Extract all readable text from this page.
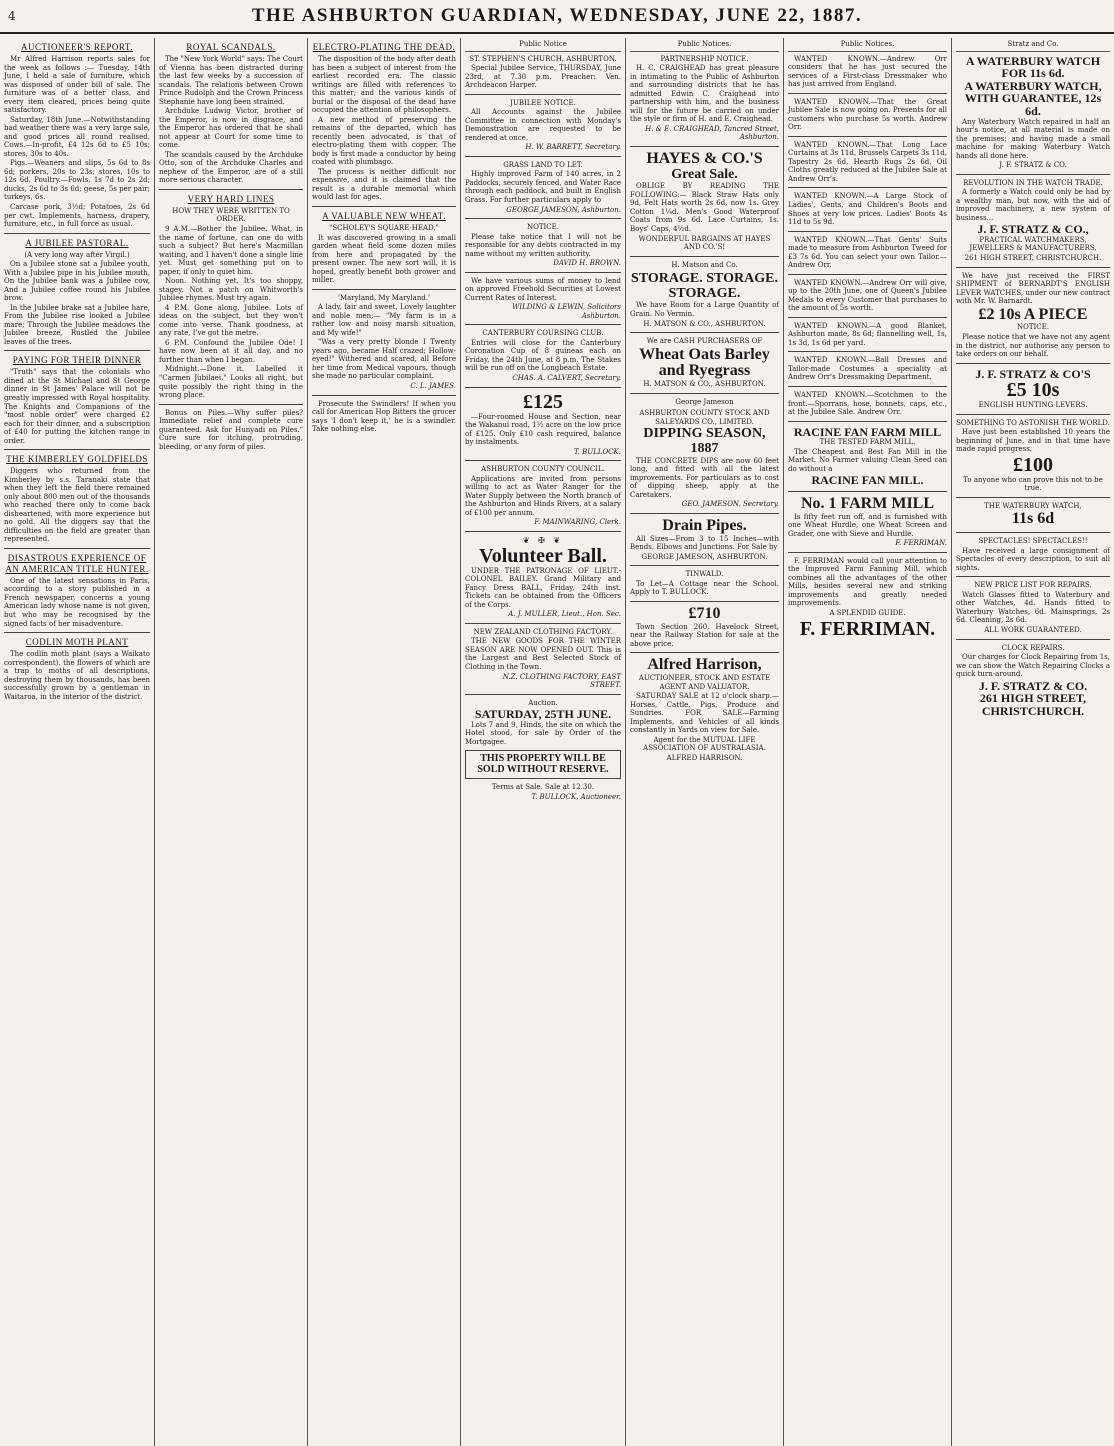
4	THE ASHBURTON GUARDIAN, WEDNESDAY, JUNE 22, 1887.
AUCTIONEER'S REPORT.

Mr Alfred Harrison reports sales for the week as follows :— Tuesday, 14th June, I held a sale of furniture, which was disposed of under bill of sale. The furniture was of a better class, and every item cleared, prices being quite satisfactory.

Saturday, 18th June.—Notwithstanding bad weather there was a very large sale, and good prices all round realised. Cows.—In-profit, £4 12s 6d to £5 10s; stores, 30s to 40s.

Pigs.—Weaners and slips, 5s 6d to 8s 6d; porkers, 20s to 23s; stores, 10s to 12s 6d. Poultry.—Fowls, 1s 7d to 2s 2d; ducks, 2s 6d to 3s 6d; geese, 5s per pair; turkeys, 6s.

Carcase pork, 3½d; Potatoes, 2s 6d per cwt. Implements, harness, drapery, furniture, etc., in full force as usual.

A JUBILEE PASTORAL.

(A very long way after Virgil.)

On a Jubilee stone sat a Jubilee youth, With a Jubilee pipe in his Jubilee mouth, On the Jubilee bank was a Jubilee cow, And a Jubilee coffee round his Jubilee brow.

In the Jubilee brake sat a Jubilee hare, From the Jubilee rise looked a Jubilee mare; Through the Jubilee meadows the Jubilee breeze, Rustled the Jubilee leaves of the trees.

PAYING FOR THEIR DINNER

"Truth" says that the colonials who dined at the St Michael and St George dinner in St James' Palace will not be greatly impressed with Royal hospitality. The Knights and Companions of the "most noble order" were charged £2 each for their dinner, and a subscription of £40 for putting the kitchen range in order.

THE KIMBERLEY GOLDFIELDS

Diggers who returned from the Kimberley by s.s. Taranaki state that when they left the field there remained only about 800 men out of the thousands who reached there only to come back disheartened, with more experience but no gold. All the diggers say that the difficulties on the field are greater than represented.

DISASTROUS EXPERIENCE OF AN AMERICAN TITLE HUNTER.

One of the latest sensations in Paris, according to a story published in a French newspaper, concerns a young American lady whose name is not given, but who may be recognised by the signed facts of her misadventure.

CODLIN MOTH PLANT

The codlin moth plant (says a Waikato correspondent), the flowers of which are a trap to moths of all descriptions, destroying them by thousands, has been successfully grown by a gentleman in Waitaroa, in the interior of the district.

ROYAL SCANDALS.

The "New York World" says: The Court of Vienna has been distracted during the last few weeks by a succession of scandals. The relations between Crown Prince Rudolph and the Crown Princess Stephanie have long been strained.

Archduke Ludwig Victor, brother of the Emperor, is now in disgrace, and the Emperor has ordered that he shall not appear at Court for some time to come.

The scandals caused by the Archduke Otto, son of the Archduke Charles and nephew of the Emperor, are of a still more serious character.

VERY HARD LINES

HOW THEY WERE WRITTEN TO ORDER.

9 A.M.—Bother the Jubilee. What, in the name of fortune, can one do with such a subject? But here's Macmillan waiting, and I haven't done a single line yet. Must get something put on to paper, if only to quiet him.

Noon. Nothing yet. It's too shoppy, stagey. Not a patch on Whitworth's Jubilee rhymes. Must try again.

4 P.M. Gone along. Jubilee. Lots of ideas on the subject, but they won't come into verse. Thank goodness, at any rate, I've got the metre.

6 P.M. Confound the Jubilee Ode! I have now been at it all day, and no further than when I began.

Midnight.—Done it. Labelled it "Carmen Jubilaei." Looks all right, but quite possibly the right thing in the wrong place.

Bonus on Piles.—Why suffer piles? Immediate relief and complete cure guaranteed. Ask for Hunyadi on Piles." Cure sure for itching, protruding, bleeding, or any form of piles.

ELECTRO-PLATING THE DEAD.

The disposition of the body after death has been a subject of interest from the earliest recorded era. The classic writings are filled with references to this matter; and the various kinds of burial or the disposal of the dead have occupied the attention of philosophers.

A new method of preserving the remains of the departed, which has recently been advocated, is that of electro-plating them with copper. The body is first made a conductor by being coated with plumbago.

The process is neither difficult nor expensive, and it is claimed that the result is a durable memorial which would last for ages.

A VALUABLE NEW WHEAT.

"SCHOLEY'S SQUARE-HEAD."

It was discovered growing in a small garden wheat field some dozen miles from here and propagated by the present owner. The new sort will, it is hoped, greatly benefit both grower and miller.

'Maryland, My Maryland.'

A lady, fair and sweet, Lovely laughter and noble men;— "My farm is in a rather low and noisy marsh situation, and My wife!"

"Was a very pretty blonde I Twenty years ago, became Half crazed; Hollow-eyed!" Withered and scared, all Before her time from Medical vapours, though she made no particular complaint.

C. L. JAMES.

Prosecute the Swindlers! If when you call for American Hop Bitters the grocer says 'I don't keep it,' he is a swindler. Take nothing else.

Public Notice

ST. STEPHEN'S CHURCH, ASHBURTON.

Special Jubilee Service, THURSDAY, June 23rd, at 7.30 p.m. Preacher: Ven. Archdeacon Harper.

JUBILEE NOTICE.

All Accounts against the Jubilee Committee in connection with Monday's Demonstration are requested to be rendered at once.

H. W. BARRETT, Secretary.

GRASS LAND TO LET.

Highly improved Farm of 140 acres, in 2 Paddocks, securely fenced, and Water Race through each paddock, and built in English Grass. For further particulars apply to

GEORGE JAMESON, Ashburton.

NOTICE.

Please take notice that I will not be responsible for any debts contracted in my name without my written authority.

DAVID H. BROWN.

We have various sums of money to lend on approved Freehold Securities at Lowest Current Rates of Interest.

WILDING & LEWIN, Solicitors Ashburton.

CANTERBURY COURSING CLUB.

Entries will close for the Canterbury Coronation Cup of 8 guineas each on Friday, the 24th June, at 8 p.m. The Stakes will be run off on the Longbeach Estate.

CHAS. A. CALVERT, Secretary.

£125

—Four-roomed House and Section, near the Wakanui road, 1½ acre on the low price of £125. Only £10 cash required, balance by instalments.

T. BULLOCK.

ASHBURTON COUNTY COUNCIL.

Applications are invited from persons willing to act as Water Ranger for the Water Supply between the North branch of the Ashburton and Hinds Rivers, at a salary of £100 per annum.

F. MAINWARING, Clerk.

❦ ✠ ❦
Volunteer Ball.

UNDER THE PATRONAGE OF LIEUT.-COLONEL BAILEY. Grand Military and Fancy Dress BALL, Friday, 24th inst. Tickets can be obtained from the Officers of the Corps.

A. J. MULLER, Lieut., Hon. Sec.

NEW ZEALAND CLOTHING FACTORY.

THE NEW GOODS FOR THE WINTER SEASON ARE NOW OPENED OUT. This is the Largest and Best Selected Stock of Clothing in the Town.

N.Z. CLOTHING FACTORY, EAST STREET.

Auction.

SATURDAY, 25TH JUNE.

Lots 7 and 9, Hinds, the site on which the Hotel stood, for sale by Order of the Mortgagee.

THIS PROPERTY WILL BE SOLD WITHOUT RESERVE.

Terms at Sale. Sale at 12.30.

T. BULLOCK, Auctioneer.

Public Notices.

PARTNERSHIP NOTICE.

H. C. CRAIGHEAD has great pleasure in intimating to the Public of Ashburton and surrounding districts that he has admitted Edwin C. Craighead into partnership with him, and the business will for the future be carried on under the style or firm of H. and E. Craighead.

H. & E. CRAIGHEAD, Tancred Street, Ashburton.

HAYES & CO.'S
Great Sale.

OBLIGE BY READING THE FOLLOWING:— Black Straw Hats only 9d, Felt Hats worth 2s 6d, now 1s. Grey Cotton 1¼d. Men's Good Waterproof Coats from 9s 6d. Lace Curtains, 1s. Boys' Caps, 4½d.

WONDERFUL BARGAINS AT HAYES AND CO.'S!

H. Matson and Co.

STORAGE. STORAGE. STORAGE.

We have Room for a Large Quantity of Grain. No Vermin.

H. MATSON & CO., ASHBURTON.

We are CASH PURCHASERS OF

Wheat Oats Barley and Ryegrass

H. MATSON & CO., ASHBURTON.

George Jameson

ASHBURTON COUNTY STOCK AND SALEYARDS CO., LIMITED.

DIPPING SEASON, 1887

THE CONCRETE DIPS are now 60 feet long, and fitted with all the latest improvements. For particulars as to cost of dipping sheep, apply at the Caretakers.

GEO. JAMESON, Secretary.

Drain Pipes.

All Sizes—From 3 to 15 Inches—with Bends, Elbows and Junctions. For Sale by

GEORGE JAMESON, ASHBURTON.

TINWALD.

To Let—A Cottage near the School. Apply to T. BULLOCK.

£710

Town Section 260, Havelock Street, near the Railway Station for sale at the above price.

Alfred Harrison,

AUCTIONEER, STOCK AND ESTATE AGENT AND VALUATOR.

SATURDAY SALE at 12 o'clock sharp.—Horses, Cattle, Pigs, Produce and Sundries. FOR SALE—Farming Implements, and Vehicles of all kinds constantly in Yards on view for Sale.

Agent for the MUTUAL LIFE ASSOCIATION OF AUSTRALASIA.

ALFRED HARRISON.

Public Notices.

WANTED KNOWN.—Andrew Orr considers that he has just secured the services of a First-class Dressmaker who has just arrived from England.

WANTED KNOWN.—That the Great Jubilee Sale is now going on. Presents for all customers who purchase 5s worth. Andrew Orr.

WANTED KNOWN.—That Long Lace Curtains at 3s 11d, Brussels Carpets 3s 11d, Tapestry 2s 6d, Hearth Rugs 2s 6d, Oil Cloths greatly reduced at the Jubilee Sale at Andrew Orr's.

WANTED KNOWN.—A Large Stock of Ladies', Gents, and Children's Boots and Shoes at very low prices. Ladies' Boots 4s 11d to 5s 9d.

WANTED KNOWN.—That Gents' Suits made to measure from Ashburton Tweed for £3 7s 6d. You can select your own Tailor.—Andrew Orr.

WANTED KNOWN.—Andrew Orr will give, up to the 20th June, one of Queen's Jubilee Medals to every Customer that purchases to the amount of 5s worth.

WANTED KNOWN.—A good Blanket, Ashburton made, 8s 6d; flannelling well, 1s, 1s 3d, 1s 6d per yard.

WANTED KNOWN.—Ball Dresses and Tailor-made Costumes a speciality at Andrew Orr's Dressmaking Department.

WANTED KNOWN.—Scotchmen to the front.—Sporrans, hose, bonnets, caps, etc., at the Jubilee Sale. Andrew Orr.

RACINE FAN FARM MILL

THE TESTED FARM MILL.

The Cheapest and Best Fan Mill in the Market. No Farmer valuing Clean Seed can do without a

RACINE FAN MILL.
No. 1 FARM MILL

Is fifty feet run off, and is furnished with one Wheat Hurdle, one Wheat Screen and Grader, one with Sieve and Hurdle.

F. FERRIMAN.

F. FERRIMAN would call your attention to the Improved Farm Fanning Mill, which combines all the advantages of the other Mills, besides several new and striking improvements and greatly needed improvements.

A SPLENDID GUIDE.

F. FERRIMAN.
Stratz and Co.
A WATERBURY WATCH FOR 11s 6d.
A WATERBURY WATCH, WITH GUARANTEE, 12s 6d.

Any Waterbury Watch repaired in half an hour's notice, at all material is made on the premises; and having made a small machine for making Waterbury Watch hands all done here.

J. F. STRATZ & CO.

REVOLUTION IN THE WATCH TRADE.

A formerly a Watch could only be had by a wealthy man, but now, with the aid of improved machinery, a new system of business...

J. F. STRATZ & CO.,

PRACTICAL WATCHMAKERS, JEWELLERS & MANUFACTURERS,

261 HIGH STREET, CHRISTCHURCH.

We have just received the FIRST SHIPMENT of BERNARDT'S ENGLISH LEVER WATCHES, under our new contract with Mr. W. Barnardt.

£2 10s A PIECE

NOTICE.

Please notice that we have not any agent in the district, nor authorise any person to take orders on our behalf.

J. F. STRATZ & CO'S
£5 10s

ENGLISH HUNTING LEVERS.

SOMETHING TO ASTONISH THE WORLD.

Have just been established 10 years the beginning of June, and in that time have made rapid progress.

£100

To anyone who can prove this not to be true.

THE WATERBURY WATCH,

11s 6d

SPECTACLES! SPECTACLES!!

Have received a large consignment of Spectacles of every description, to suit all sights.

NEW PRICE LIST FOR REPAIRS,

Watch Glasses fitted to Waterbury and other Watches, 4d. Hands fitted to Waterbury Watches, 6d. Mainsprings, 2s 6d. Cleaning, 2s 6d.

ALL WORK GUARANTEED.

CLOCK REPAIRS.

Our charges for Clock Repairing from 1s, we can show the Watch Repairing Clocks a quick turn-around.

J. F. STRATZ & CO.
261 HIGH STREET, CHRISTCHURCH.
